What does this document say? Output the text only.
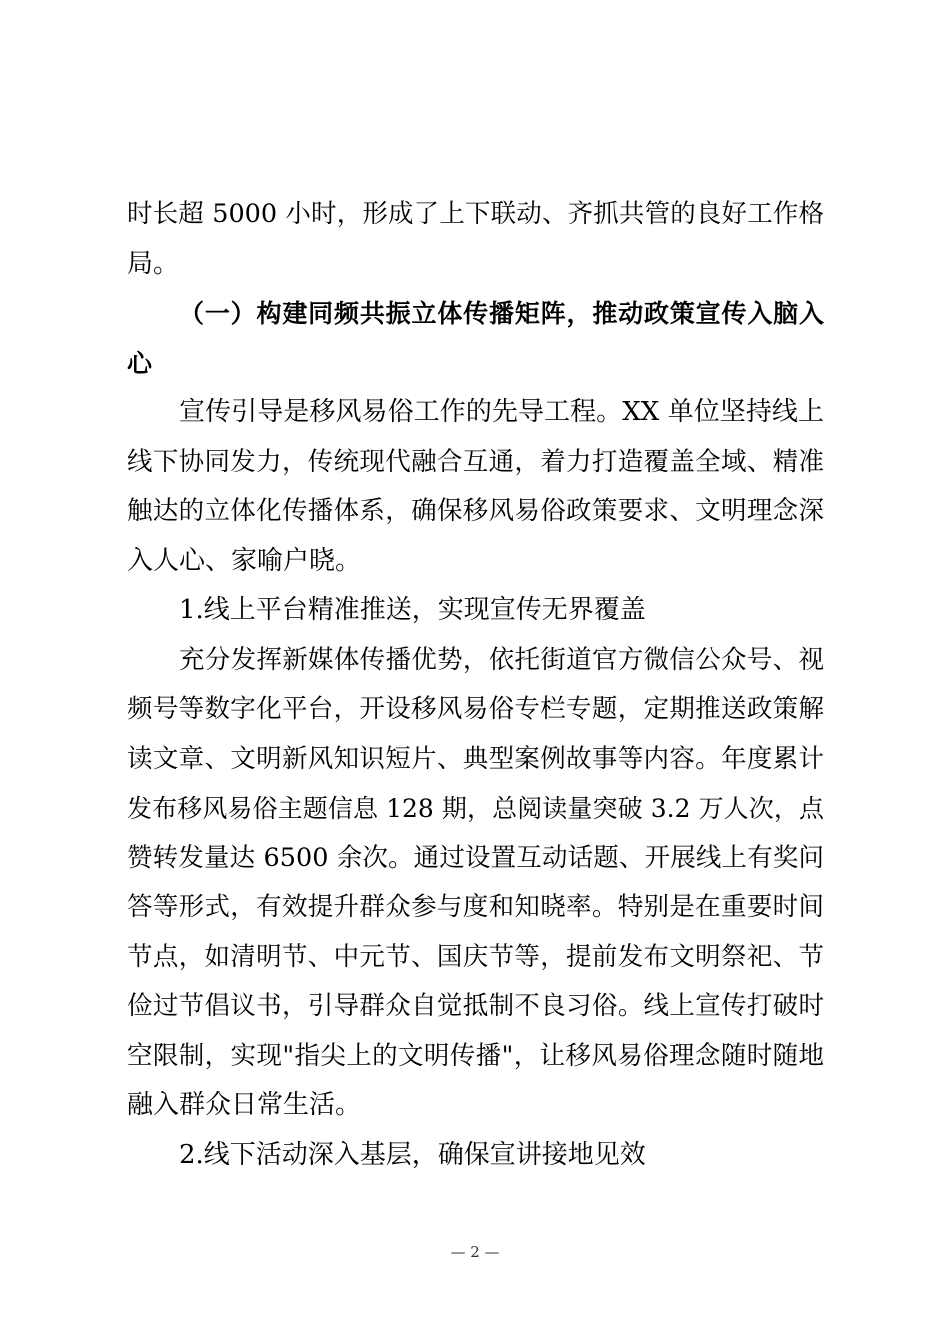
时长超 5000 小时，形成了上下联动、齐抓共管的良好工作格
局。
（一）构建同频共振立体传播矩阵，推动政策宣传入脑入
心
宣传引导是移风易俗工作的先导工程。XX 单位坚持线上
线下协同发力，传统现代融合互通，着力打造覆盖全域、精准
触达的立体化传播体系，确保移风易俗政策要求、文明理念深
入人心、家喻户晓。
1.线上平台精准推送，实现宣传无界覆盖
充分发挥新媒体传播优势，依托街道官方微信公众号、视
频号等数字化平台，开设移风易俗专栏专题，定期推送政策解
读文章、文明新风知识短片、典型案例故事等内容。年度累计
发布移风易俗主题信息 128 期，总阅读量突破 3.2 万人次，点
赞转发量达 6500 余次。通过设置互动话题、开展线上有奖问
答等形式，有效提升群众参与度和知晓率。特别是在重要时间
节点，如清明节、中元节、国庆节等，提前发布文明祭祀、节
俭过节倡议书，引导群众自觉抵制不良习俗。线上宣传打破时
空限制，实现"指尖上的文明传播"，让移风易俗理念随时随地
融入群众日常生活。
2.线下活动深入基层，确保宣讲接地见效
— 2 —
